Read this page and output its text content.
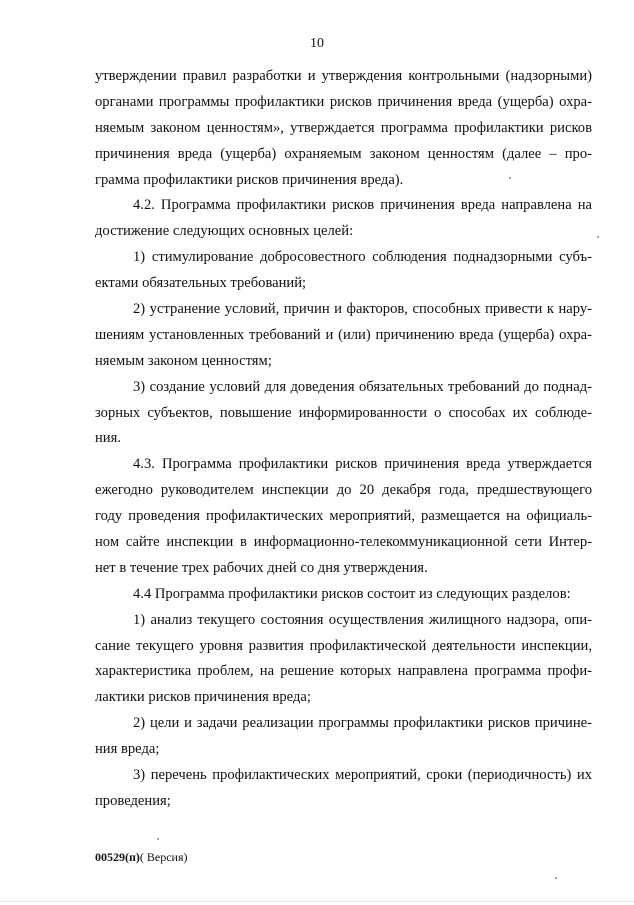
10
утверждении правил разработки и утверждения контрольными (надзорными)
органами программы профилактики рисков причинения вреда (ущерба) охра-
няемым законом ценностям», утверждается программа профилактики рисков
причинения вреда (ущерба) охраняемым законом ценностям (далее – про-
грамма профилактики рисков причинения вреда).
4.2. Программа профилактики рисков причинения вреда направлена на
достижение следующих основных целей:
1) стимулирование добросовестного соблюдения поднадзорными субъ-
ектами обязательных требований;
2) устранение условий, причин и факторов, способных привести к нару-
шениям установленных требований и (или) причинению вреда (ущерба) охра-
няемым законом ценностям;
3) создание условий для доведения обязательных требований до поднад-
зорных субъектов, повышение информированности о способах их соблюде-
ния.
4.3. Программа профилактики рисков причинения вреда утверждается
ежегодно руководителем инспекции до 20 декабря года, предшествующего
году проведения профилактических мероприятий, размещается на официаль-
ном сайте инспекции в информационно-телекоммуникационной сети Интер-
нет в течение трех рабочих дней со дня утверждения.
4.4 Программа профилактики рисков состоит из следующих разделов:
1) анализ текущего состояния осуществления жилищного надзора, опи-
сание текущего уровня развития профилактической деятельности инспекции,
характеристика проблем, на решение которых направлена программа профи-
лактики рисков причинения вреда;
2) цели и задачи реализации программы профилактики рисков причине-
ния вреда;
3) перечень профилактических мероприятий, сроки (периодичность) их
проведения;
00529(п)( Версия)
